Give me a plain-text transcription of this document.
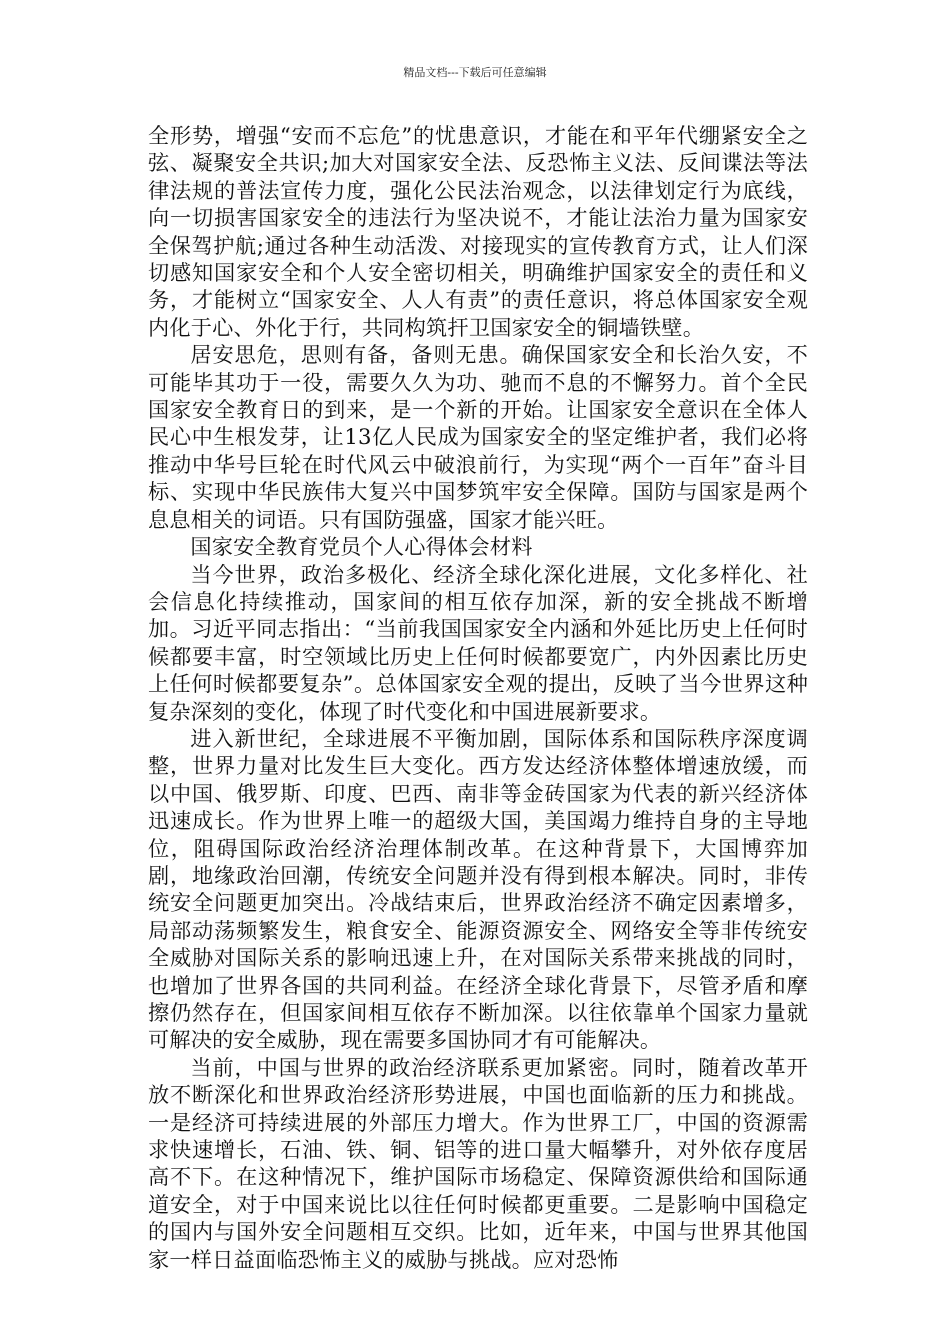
精品文档---下载后可任意编辑

全形势，增强“安而不忘危”的忧患意识，才能在和平年代绷紧安全之弦、凝聚安全共识;加大对国家安全法、反恐怖主义法、反间谍法等法律法规的普法宣传力度，强化公民法治观念，以法律划定行为底线，向一切损害国家安全的违法行为坚决说不，才能让法治力量为国家安全保驾护航;通过各种生动活泼、对接现实的宣传教育方式，让人们深切感知国家安全和个人安全密切相关，明确维护国家安全的责任和义务，才能树立“国家安全、人人有责”的责任意识，将总体国家安全观内化于心、外化于行，共同构筑扞卫国家安全的铜墙铁壁。

居安思危，思则有备，备则无患。确保国家安全和长治久安，不可能毕其功于一役，需要久久为功、驰而不息的不懈努力。首个全民国家安全教育日的到来，是一个新的开始。让国家安全意识在全体人民心中生根发芽，让13亿人民成为国家安全的坚定维护者，我们必将推动中华号巨轮在时代风云中破浪前行，为实现“两个一百年”奋斗目标、实现中华民族伟大复兴中国梦筑牢安全保障。国防与国家是两个息息相关的词语。只有国防强盛，国家才能兴旺。

国家安全教育党员个人心得体会材料

当今世界，政治多极化、经济全球化深化进展，文化多样化、社会信息化持续推动，国家间的相互依存加深，新的安全挑战不断增加。习近平同志指出：“当前我国国家安全内涵和外延比历史上任何时候都要丰富，时空领域比历史上任何时候都要宽广，内外因素比历史上任何时候都要复杂”。总体国家安全观的提出，反映了当今世界这种复杂深刻的变化，体现了时代变化和中国进展新要求。

进入新世纪，全球进展不平衡加剧，国际体系和国际秩序深度调整，世界力量对比发生巨大变化。西方发达经济体整体增速放缓，而以中国、俄罗斯、印度、巴西、南非等金砖国家为代表的新兴经济体迅速成长。作为世界上唯一的超级大国，美国竭力维持自身的主导地位，阻碍国际政治经济治理体制改革。在这种背景下，大国博弈加剧，地缘政治回潮，传统安全问题并没有得到根本解决。同时，非传统安全问题更加突出。冷战结束后，世界政治经济不确定因素增多，局部动荡频繁发生，粮食安全、能源资源安全、网络安全等非传统安全威胁对国际关系的影响迅速上升，在对国际关系带来挑战的同时，也增加了世界各国的共同利益。在经济全球化背景下，尽管矛盾和摩擦仍然存在，但国家间相互依存不断加深。以往依靠单个国家力量就可解决的安全威胁，现在需要多国协同才有可能解决。

当前，中国与世界的政治经济联系更加紧密。同时，随着改革开放不断深化和世界政治经济形势进展，中国也面临新的压力和挑战。一是经济可持续进展的外部压力增大。作为世界工厂，中国的资源需求快速增长，石油、铁、铜、铝等的进口量大幅攀升，对外依存度居高不下。在这种情况下，维护国际市场稳定、保障资源供给和国际通道安全，对于中国来说比以往任何时候都更重要。二是影响中国稳定的国内与国外安全问题相互交织。比如，近年来，中国与世界其他国家一样日益面临恐怖主义的威胁与挑战。应对恐怖
